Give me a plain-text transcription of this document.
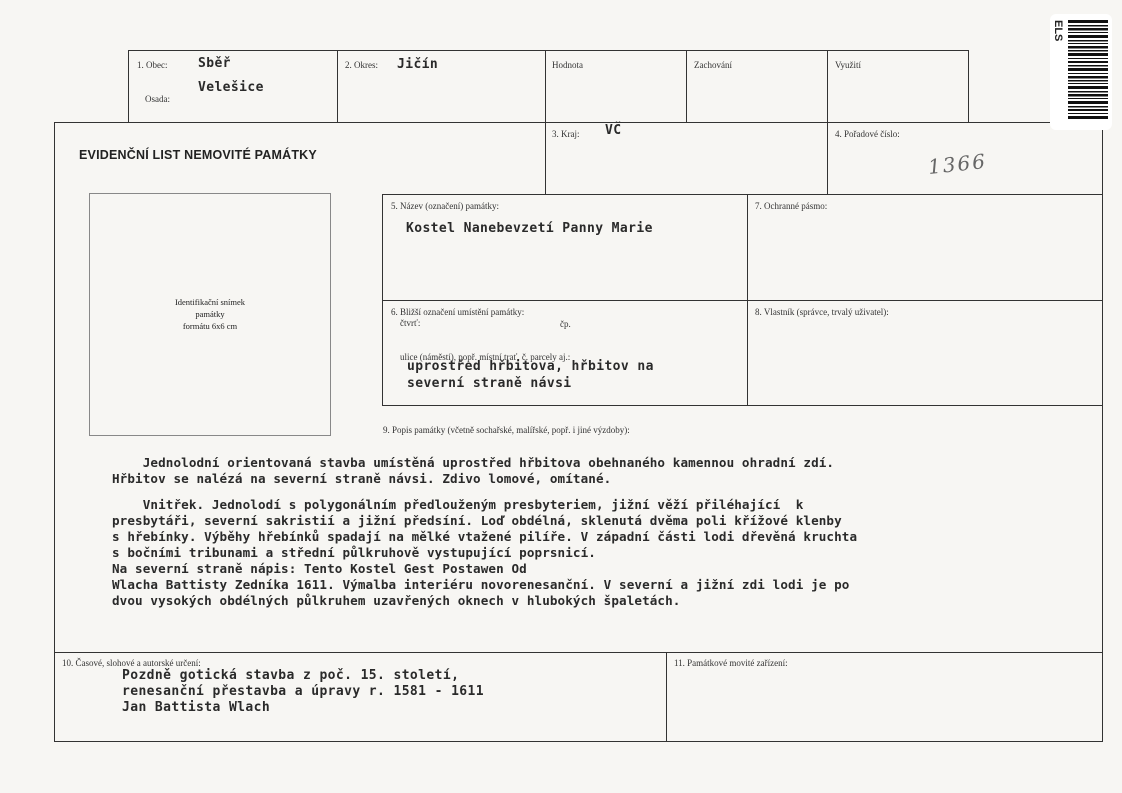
1. Obec: Sběř
Osada:
Velešice
2. Okres: Jičín	Hodnota	Zachování	Využití
EVIDENČNÍ LIST NEMOVITÉ PAMÁTKY
3. Kraj: VČ	4. Pořadové číslo:
1366
Identifikační snímek
památky
formátu 6x6 cm
5. Název (označení) památky:
Kostel Nanebevzetí Panny Marie
7. Ochranné pásmo:
6. Bližší označení umístění památky:
čtvrť:	čp.
ulice (náměstí), popř. místní trať, č. parcely aj.:
uprostřed hřbitova, hřbitov na
severní straně návsi
8. Vlastník (správce, trvalý uživatel):
9. Popis památky (včetně sochařské, malířské, popř. i jiné výzdoby):
Jednolodní orientovaná stavba umístěná uprostřed hřbitova obehnaného kamennou ohradní zdí.
Hřbitov se nalézá na severní straně návsi. Zdivo lomové, omítané.
Vnitřek. Jednolodí s polygonálním předlouženým presbyteriem, jižní věží přiléhající  k
presbytáři, severní sakristií a jižní předsíní. Loď obdélná, sklenutá dvěma poli křížové klenby
s hřebínky. Výběhy hřebínků spadají na mělké vtažené pilíře. V západní části lodi dřevěná kruchta
s bočními tribunami a střední půlkruhově vystupující poprsnicí.
Na severní straně nápis: Tento Kostel Gest Postawen Od
Wlacha Battisty Zedníka 1611. Výmalba interiéru novorenesanční. V severní a jižní zdi lodi je po
dvou vysokých obdélných půlkruhem uzavřených oknech v hlubokých špaletách.
10. Časové, slohové a autorské určení:
Pozdně gotická stavba z poč. 15. století,
renesanční přestavba a úpravy r. 1581 - 1611
Jan Battista Wlach
11. Památkové movité zařízení:
ELS
